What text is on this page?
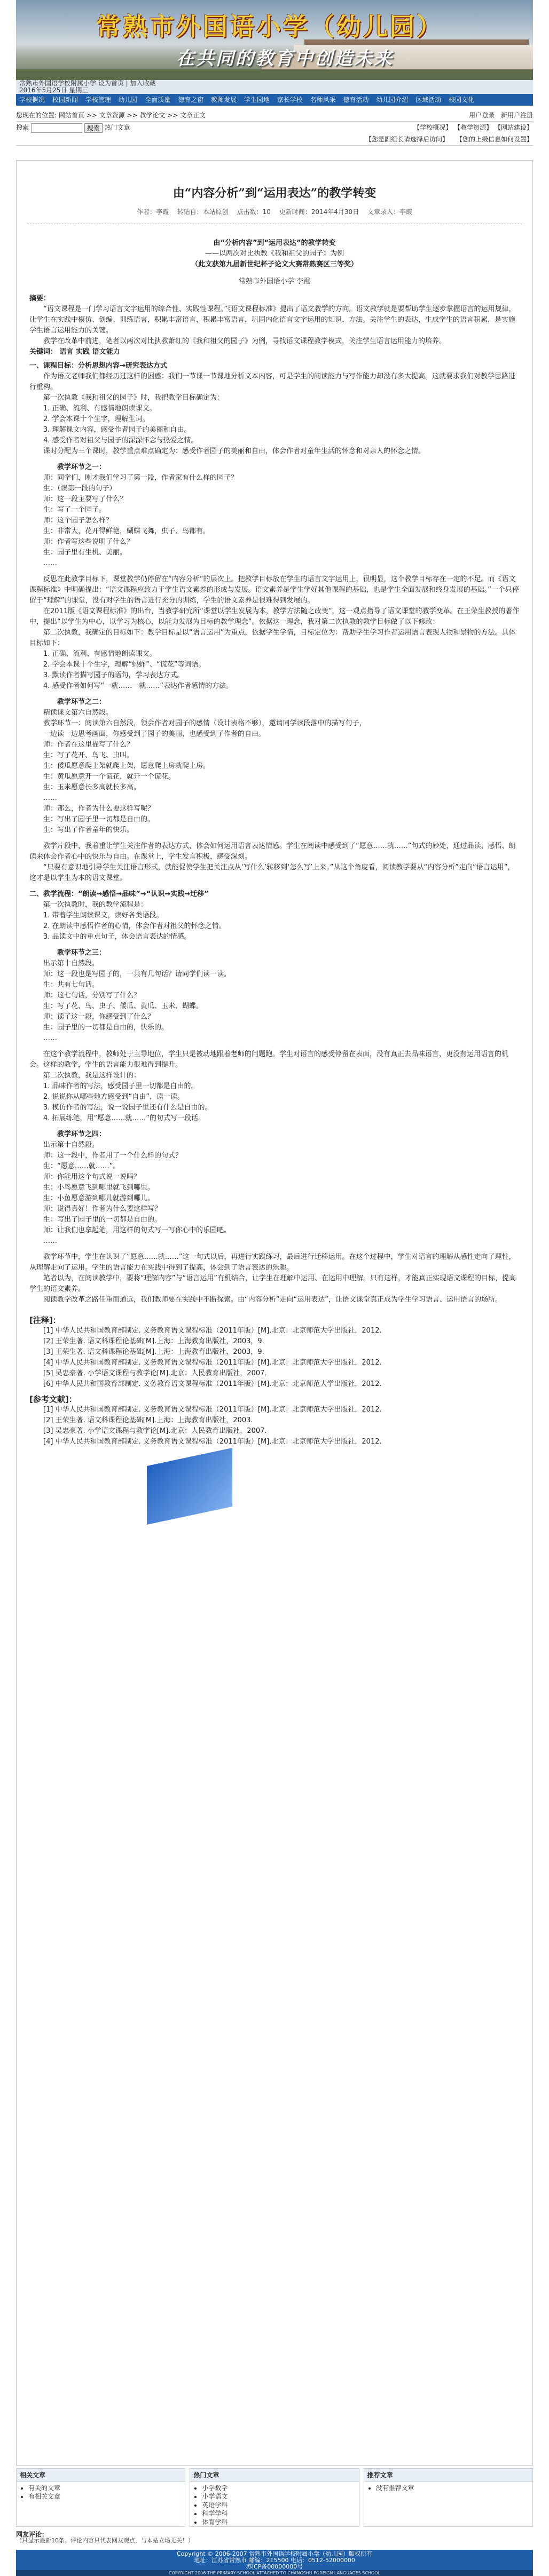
常熟市外国语小学（幼儿园）
在共同的教育中创造未来
常熟市外国语学校附属小学 设为首页 | 加入收藏
2016年5月25日 星期三
学校概况 校园新闻 学校管理 幼儿园 全面质量 德育之窗 教师发展 学生园地 家长学校 名师风采 德育活动 幼儿园介绍 区域活动 校园文化
您现在的位置: 网站首页 >> 文章资源 >> 教学论文 >> 文章正文	用户登录 新用户注册
搜索	搜索 热门文章	【学校概况】 【教学资源】 【网站建设】
【您是副组长请选择后访问】 【您的上级信息如何设置】
由“内容分析”到“运用表达”的教学转变
作者：李霞 转贴自：本站原创 点击数：10 更新时间：2014年4月30日 文章录入：李霞
由“分析内容”到“运用表达”的教学转变
——以两次对比执教《我和祖父的园子》为例
（此文获第九届新世纪杯子论文大赛常熟赛区三等奖）
常熟市外国语小学 李霞

摘要：

“语文课程是一门学习语言文字运用的综合性、实践性课程。”《语文课程标准》提出了语文教学的方向。语文教学就是要帮助学生逐步掌握语言的运用规律，让学生在实践中模仿、创编、训练语言，积累丰富语言，积累丰富语言，巩固内化语言文字运用的知识、方法。关注学生的表达，生成学生的语言积累，是实施学生语言运用能力的关键。

教学在改革中前进，笔者以两次对比执教萧红的《我和祖父的园子》为例，寻找语文课程教学模式，关注学生语言运用能力的培养。

关键词： 语言 实践 语文能力

一、课程目标：分析思想内容→研究表达方式

作为语文老师我们都经历过这样的困惑：我们一节课一节课地分析文本内容，可是学生的阅读能力与写作能力却没有多大提高。这就要求我们对教学思路进行重构。

第一次执教《我和祖父的园子》时，我把教学目标确定为：

1. 正确、流利、有感情地朗读课文。

2. 学会本课十个生字，理解生词。

3. 理解课文内容，感受作者园子的美丽和自由。

4. 感受作者对祖父与园子的深深怀念与热爱之情。

课时分配为三个课时，教学重点难点确定为：感受作者园子的美丽和自由，体会作者对童年生活的怀念和对亲人的怀念之情。

教学环节之一：

师：同学们，刚才我们学习了第一段，作者家有什么样的园子？

生：（读第一段的句子）

师：这一段主要写了什么？

生：写了一个园子。

师：这个园子怎么样？

生：非常大，花开得鲜艳，蝴蝶飞舞，虫子、鸟都有。

师：作者写这些说明了什么？

生：园子里有生机、美丽。

……

反思在此教学目标下，课堂教学仍停留在“内容分析”的层次上。把教学目标放在学生的语言文字运用上，很明显，这个教学目标存在一定的不足。而《语文课程标准》中明确提出：“语文课程应致力于学生语文素养的形成与发展。语文素养是学生学好其他课程的基础，也是学生全面发展和终身发展的基础。”一个只停留于“理解”的课堂，没有对学生的语言进行充分的训练，学生的语文素养是很难得到发展的。

在2011版《语文课程标准》的出台，当教学研究所“课堂以学生发展为本，教学方法随之改变”，这一观点指导了语文课堂的教学变革。在王荣生教授的著作中，提出“以学生为中心，以学习为核心，以能力发展为目标的教学理念”。依据这一理念，我对第二次执教的教学目标做了以下修改：

第二次执教，我确定的目标如下：教学目标是以“语言运用”为重点，依据学生学情，目标定位为：帮助学生学习作者运用语言表现人物和景物的方法。具体目标如下：

1. 正确、流利、有感情地朗读课文。

2. 学会本课十个生字，理解“蚂蚱”、“谎花”等词语。

3. 默读作者描写园子的语句，学习表达方式。

4. 感受作者如何写“一就……一就……”表达作者感情的方法。

教学环节之二：

精读课文第六自然段。

教学环节一：阅读第六自然段，领会作者对园子的感情（设计表格不够），邀请同学读段落中的描写句子，

一边读一边思考画面，你感受到了园子的美丽，也感受到了作者的自由。

师：作者在这里描写了什么？

生：写了花开、鸟飞、虫叫。

生：倭瓜愿意爬上架就爬上架，愿意爬上房就爬上房。

生：黄瓜愿意开一个谎花，就开一个谎花。

生：玉米愿意长多高就长多高。

……

师：那么，作者为什么要这样写呢？

生：写出了园子里一切都是自由的。

生：写出了作者童年的快乐。

教学片段中，我着重让学生关注作者的表达方式，体会如何运用语言表达情感。学生在阅读中感受到了“愿意……就……”句式的妙处，通过品读、感悟、朗读来体会作者心中的快乐与自由。在课堂上，学生发言积极，感受深刻。

“只要有意识地引导学生关注语言形式，就能促使学生把关注点从‘写什么’转移到‘怎么写’上来。”从这个角度看，阅读教学要从“内容分析”走向“语言运用”，这才是以学生为本的语文课堂。

二、教学流程：“朗读→感悟→品味”→“认识→实践→迁移”

第一次执教时，我的教学流程是：

1. 带着学生朗读课文，读好各类语段。

2. 在朗读中感悟作者的心情，体会作者对祖父的怀念之情。

3. 品读文中的重点句子，体会语言表达的情感。

教学环节之三：

出示第十自然段。

师：这一段也是写园子的，一共有几句话？请同学们读一读。

生：共有七句话。

师：这七句话，分别写了什么？

生：写了花、鸟、虫子、倭瓜、黄瓜、玉米、蝴蝶。

师：读了这一段，你感受到了什么？

生：园子里的一切都是自由的，快乐的。

……

在这个教学流程中，教师处于主导地位，学生只是被动地跟着老师的问题跑。学生对语言的感受停留在表面，没有真正去品味语言，更没有运用语言的机会。这样的教学，学生的语言能力很难得到提升。

第二次执教，我是这样设计的：

1. 品味作者的写法，感受园子里一切都是自由的。

2. 说说你从哪些地方感受到“自由”，读一读。

3. 模仿作者的写法，说一说园子里还有什么是自由的。

4. 拓展练笔，用“愿意……就……”的句式写一段话。

教学环节之四：

出示第十自然段。

师：这一段中，作者用了一个什么样的句式？

生：“愿意……就……”。

师：你能用这个句式说一说吗？

生：小鸟愿意飞到哪里就飞到哪里。

生：小鱼愿意游到哪儿就游到哪儿。

师：说得真好！作者为什么要这样写？

生：写出了园子里的一切都是自由的。

师：让我们也拿起笔，用这样的句式写一写你心中的乐园吧。

……

教学环节中，学生在认识了“愿意……就……”这一句式以后，再进行实践练习，最后进行迁移运用。在这个过程中，学生对语言的理解从感性走向了理性，从理解走向了运用。学生的语言能力在实践中得到了提高，体会到了语言表达的乐趣。

笔者以为，在阅读教学中，要将“理解内容”与“语言运用”有机结合，让学生在理解中运用、在运用中理解。只有这样，才能真正实现语文课程的目标，提高学生的语文素养。

阅读教学改革之路任重而道远，我们教师要在实践中不断探索。由“内容分析”走向“运用表达”，让语文课堂真正成为学生学习语言、运用语言的场所。

[注释]：

[1] 中华人民共和国教育部制定. 义务教育语文课程标准（2011年版）[M].北京：北京师范大学出版社，2012.

[2] 王荣生著. 语文科课程论基础[M].上海：上海教育出版社，2003，9.

[3] 王荣生著. 语文科课程论基础[M].上海：上海教育出版社，2003，9.

[4] 中华人民共和国教育部制定. 义务教育语文课程标准（2011年版）[M].北京：北京师范大学出版社，2012.

[5] 吴忠豪著. 小学语文课程与教学论[M].北京：人民教育出版社，2007.

[6] 中华人民共和国教育部制定. 义务教育语文课程标准（2011年版）[M].北京：北京师范大学出版社，2012.

[参考文献]：

[1] 中华人民共和国教育部制定. 义务教育语文课程标准（2011年版）[M].北京：北京师范大学出版社，2012.

[2] 王荣生著. 语文科课程论基础[M].上海：上海教育出版社，2003.

[3] 吴忠豪著. 小学语文课程与教学论[M].北京：人民教育出版社，2007.

[4] 中华人民共和国教育部制定. 义务教育语文课程标准（2011年版）[M].北京：北京师范大学出版社，2012.

相关文章
• 有关的文章
• 有相关文章
热门文章
• 小学数学
• 小学语文
• 英语学科
• 科学学科
• 体育学科
推荐文章
• 没有推荐文章
网友评论：
（只显示最新10条。评论内容只代表网友观点，与本站立场无关！）
Copyright © 2006-2007 常熟市外国语学校附属小学（幼儿园）版权所有
地址：江苏省常熟市 邮编：215500 电话：0512-52000000
苏ICP备00000000号
COPYRIGHT 2006 THE PRIMARY SCHOOL ATTACHED TO CHANGSHU FOREIGN LANGUAGES SCHOOL
